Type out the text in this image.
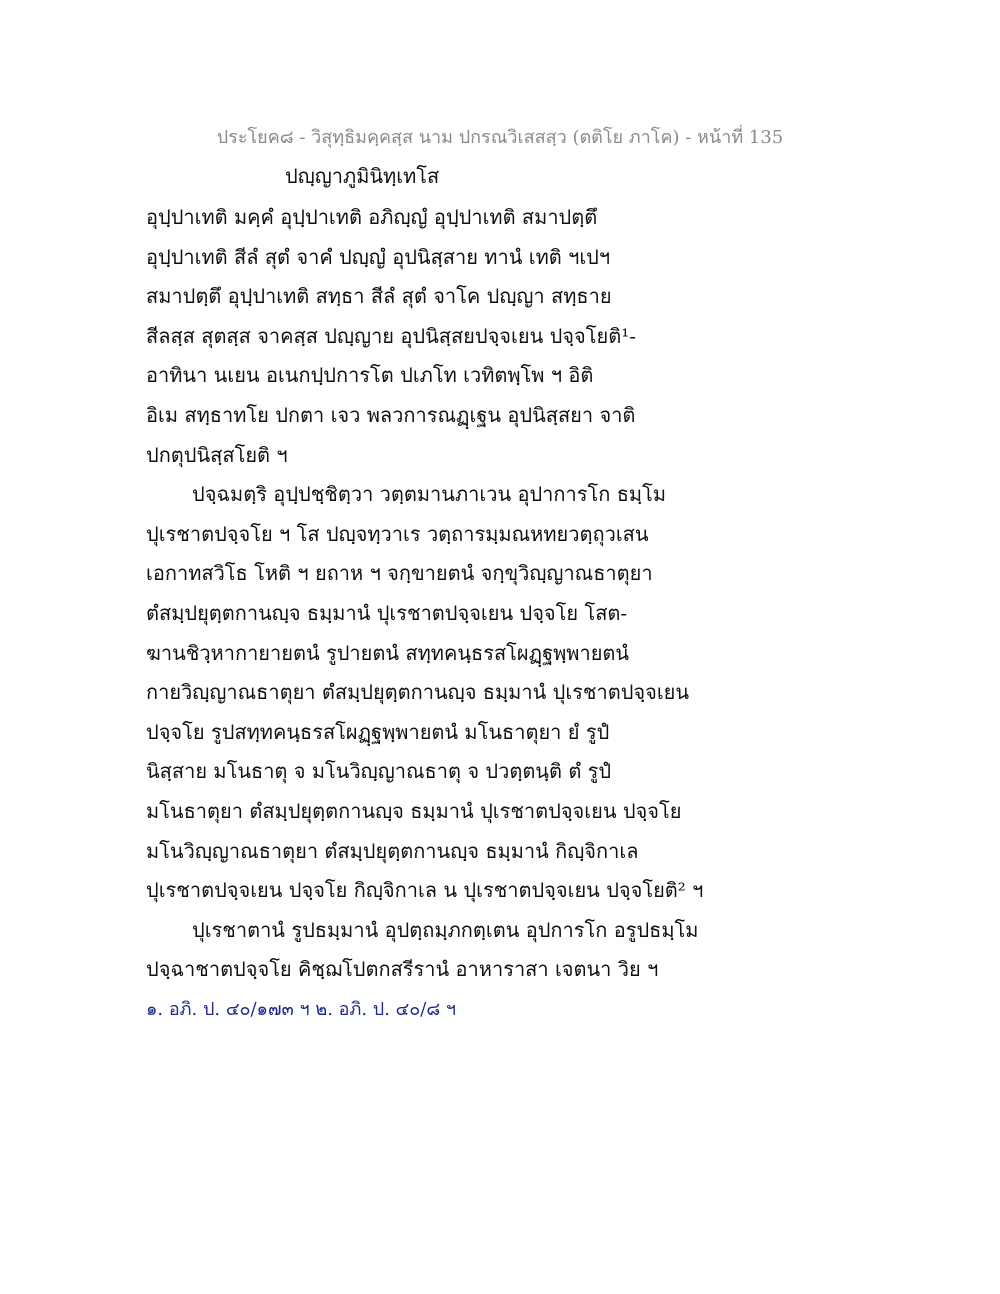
ประโยค๘ - วิสุทฺธิมคฺคสฺส นาม ปกรณวิเสสสฺว (ตติโย ภาโค) - หน้าที่ 135
ปญฺญาภูมินิทฺเทโส
อุปฺปาเทติ มคฺคํ อุปฺปาเทติ อภิญฺญํ อุปฺปาเทติ สมาปตฺตึ
อุปฺปาเทติ สีลํ สุตํ จาคํ ปญฺญํ อุปนิสฺสาย ทานํ เทติ ฯเปฯ
สมาปตฺตึ อุปฺปาเทติ สทฺธา สีลํ สุตํ จาโค ปญฺญา สทฺธาย
สีลสฺส สุตสฺส จาคสฺส ปญฺญาย อุปนิสฺสยปจฺจเยน ปจฺจโยติ¹-
อาทินา นเยน อเนกปฺปการโต ปเภโท เวทิตพฺโพ ฯ อิติ
อิเม สทฺธาทโย ปกตา เจว พลวการณฏฺเฐน อุปนิสฺสยา จาติ
ปกตุปนิสฺสโยติ ฯ
ปจฺฉมตฺริ อุปฺปชฺชิตฺวา วตฺตมานภาเวน อุปาการโก ธมฺโม
ปุเรชาตปจฺจโย ฯ โส ปญฺจทฺวาเร วตฺถารมฺมณหทยวตฺถุวเสน
เอกาทสวิโธ โหติ ฯ ยถาห ฯ จกฺขายตนํ จกฺขุวิญฺญาณธาตุยา
ตํสมฺปยุตฺตกานญฺจ ธมฺมานํ ปุเรชาตปจฺจเยน ปจฺจโย โสต-
ฆานชิวฺหากายายตนํ รูปายตนํ สทฺทคนฺธรสโผฏฺฐพฺพายตนํ
กายวิญฺญาณธาตุยา ตํสมฺปยุตฺตกานญฺจ ธมฺมานํ ปุเรชาตปจฺจเยน
ปจฺจโย รูปสทฺทคนฺธรสโผฏฺฐพฺพายตนํ มโนธาตุยา ยํ รูปํ
นิสฺสาย มโนธาตุ จ มโนวิญฺญาณธาตุ จ ปวตฺตนฺติ ตํ รูปํ
มโนธาตุยา ตํสมฺปยุตฺตกานญฺจ ธมฺมานํ ปุเรชาตปจฺจเยน ปจฺจโย
มโนวิญฺญาณธาตุยา ตํสมฺปยุตฺตกานญฺจ ธมฺมานํ กิญฺจิกาเล
ปุเรชาตปจฺจเยน ปจฺจโย กิญฺจิกาเล น ปุเรชาตปจฺจเยน ปจฺจโยติ² ฯ
ปุเรชาตานํ รูปธมฺมานํ อุปตฺถมฺภกตฺเตน อุปการโก อรูปธมฺโม
ปจฺฉาชาตปจฺจโย คิชฺฌโปตกสรีรานํ อาหาราสา เจตนา วิย ฯ
๑. อภิ. ป. ๔๐/๑๗๓ ฯ ๒. อภิ. ป. ๔๐/๘ ฯ
